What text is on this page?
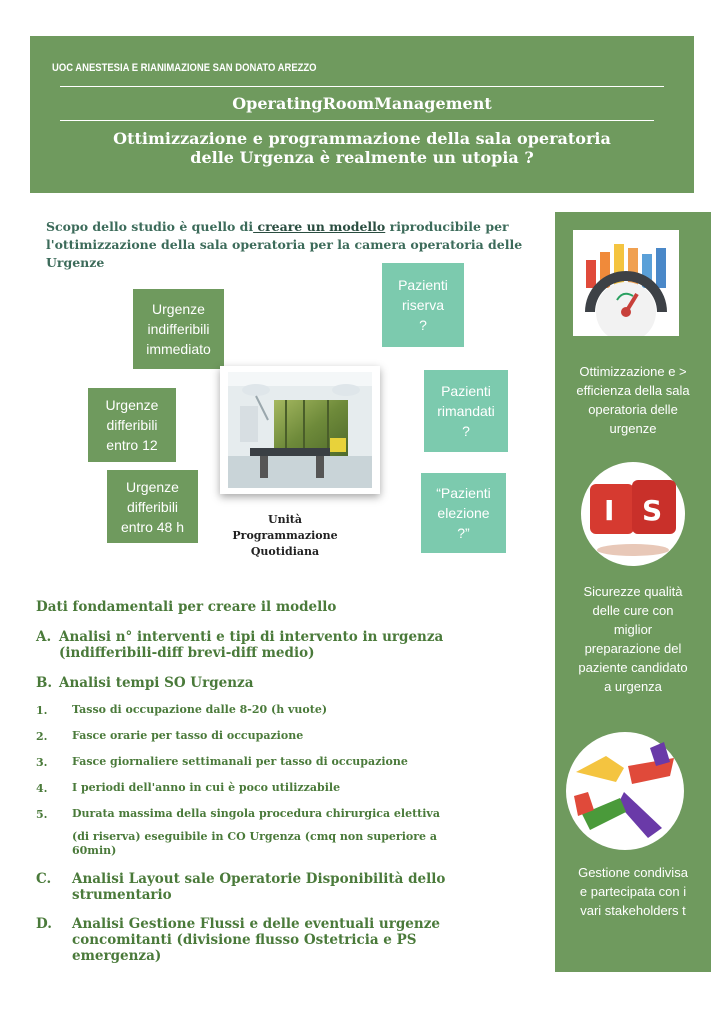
UOC ANESTESIA E RIANIMAZIONE SAN DONATO AREZZO
OperatingRoomManagement
Ottimizzazione e programmazione della sala operatoria
delle Urgenza è realmente un utopia ?
Scopo dello studio è quello di creare un modello riproducibile per l'ottimizzazione della sala operatoria per la camera operatoria delle Urgenze
Urgenze
indifferibili
immediato
Urgenze
differibili
entro 12
Urgenze
differibili
entro 48 h
Pazienti
riserva
?
Pazienti
rimandati
?
“Pazienti
elezione
?”
Unità
Programmazione
Quotidiana
Dati fondamentali per creare il modello
A. Analisi n° interventi e tipi di intervento in urgenza
(indifferibili-diff brevi-diff medio)
B. Analisi tempi SO Urgenza
1. Tasso di occupazione dalle 8-20 (h vuote)
2. Fasce orarie per tasso di occupazione
3. Fasce giornaliere settimanali per tasso di occupazione
4. I periodi dell'anno in cui è poco utilizzabile
5. Durata massima della singola procedura chirurgica elettiva
(di riserva) eseguibile in CO Urgenza (cmq non superiore a
60min)
C. Analisi Layout sale Operatorie Disponibilità dello
strumentario
D. Analisi Gestione Flussi e delle eventuali urgenze
concomitanti (divisione flusso Ostetricia e PS
emergenza)
Ottimizzazione e >
efficienza della sala
operatoria delle
urgenze
I S
Sicurezze qualità
delle cure con
miglior
preparazione del
paziente candidato
a urgenza
Gestione condivisa
e partecipata con i
vari stakeholders t
